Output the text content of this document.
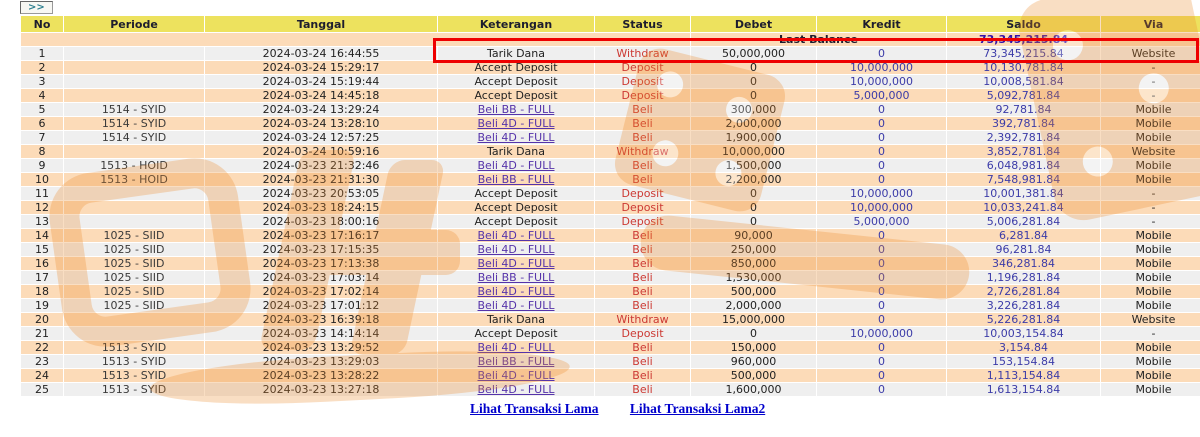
>>
No	Periode	Tanggal	Keterangan	Status	Debet	Kredit	Saldo	Via
					Last Balance		73,345,215.84	
1		2024-03-24 16:44:55	Tarik Dana	Withdraw	50,000,000	0	73,345,215.84	Website
2		2024-03-24 15:29:17	Accept Deposit	Deposit	0	10,000,000	10,130,781.84	-
3		2024-03-24 15:19:44	Accept Deposit	Deposit	0	10,000,000	10,008,581.84	-
4		2024-03-24 14:45:18	Accept Deposit	Deposit	0	5,000,000	5,092,781.84	-
5	1514 - SYID	2024-03-24 13:29:24	Beli BB - FULL	Beli	300,000	0	92,781.84	Mobile
6	1514 - SYID	2024-03-24 13:28:10	Beli 4D - FULL	Beli	2,000,000	0	392,781.84	Mobile
7	1514 - SYID	2024-03-24 12:57:25	Beli 4D - FULL	Beli	1,900,000	0	2,392,781.84	Mobile
8		2024-03-24 10:59:16	Tarik Dana	Withdraw	10,000,000	0	3,852,781.84	Website
9	1513 - HOID	2024-03-23 21:32:46	Beli 4D - FULL	Beli	1,500,000	0	6,048,981.84	Mobile
10	1513 - HOID	2024-03-23 21:31:30	Beli BB - FULL	Beli	2,200,000	0	7,548,981.84	Mobile
11		2024-03-23 20:53:05	Accept Deposit	Deposit	0	10,000,000	10,001,381.84	-
12		2024-03-23 18:24:15	Accept Deposit	Deposit	0	10,000,000	10,033,241.84	-
13		2024-03-23 18:00:16	Accept Deposit	Deposit	0	5,000,000	5,006,281.84	-
14	1025 - SIID	2024-03-23 17:16:17	Beli 4D - FULL	Beli	90,000	0	6,281.84	Mobile
15	1025 - SIID	2024-03-23 17:15:35	Beli 4D - FULL	Beli	250,000	0	96,281.84	Mobile
16	1025 - SIID	2024-03-23 17:13:38	Beli 4D - FULL	Beli	850,000	0	346,281.84	Mobile
17	1025 - SIID	2024-03-23 17:03:14	Beli BB - FULL	Beli	1,530,000	0	1,196,281.84	Mobile
18	1025 - SIID	2024-03-23 17:02:14	Beli 4D - FULL	Beli	500,000	0	2,726,281.84	Mobile
19	1025 - SIID	2024-03-23 17:01:12	Beli 4D - FULL	Beli	2,000,000	0	3,226,281.84	Mobile
20		2024-03-23 16:39:18	Tarik Dana	Withdraw	15,000,000	0	5,226,281.84	Website
21		2024-03-23 14:14:14	Accept Deposit	Deposit	0	10,000,000	10,003,154.84	-
22	1513 - SYID	2024-03-23 13:29:52	Beli 4D - FULL	Beli	150,000	0	3,154.84	Mobile
23	1513 - SYID	2024-03-23 13:29:03	Beli BB - FULL	Beli	960,000	0	153,154.84	Mobile
24	1513 - SYID	2024-03-23 13:28:22	Beli 4D - FULL	Beli	500,000	0	1,113,154.84	Mobile
25	1513 - SYID	2024-03-23 13:27:18	Beli 4D - FULL	Beli	1,600,000	0	1,613,154.84	Mobile
Lihat Transaksi Lama Lihat Transaksi Lama2
